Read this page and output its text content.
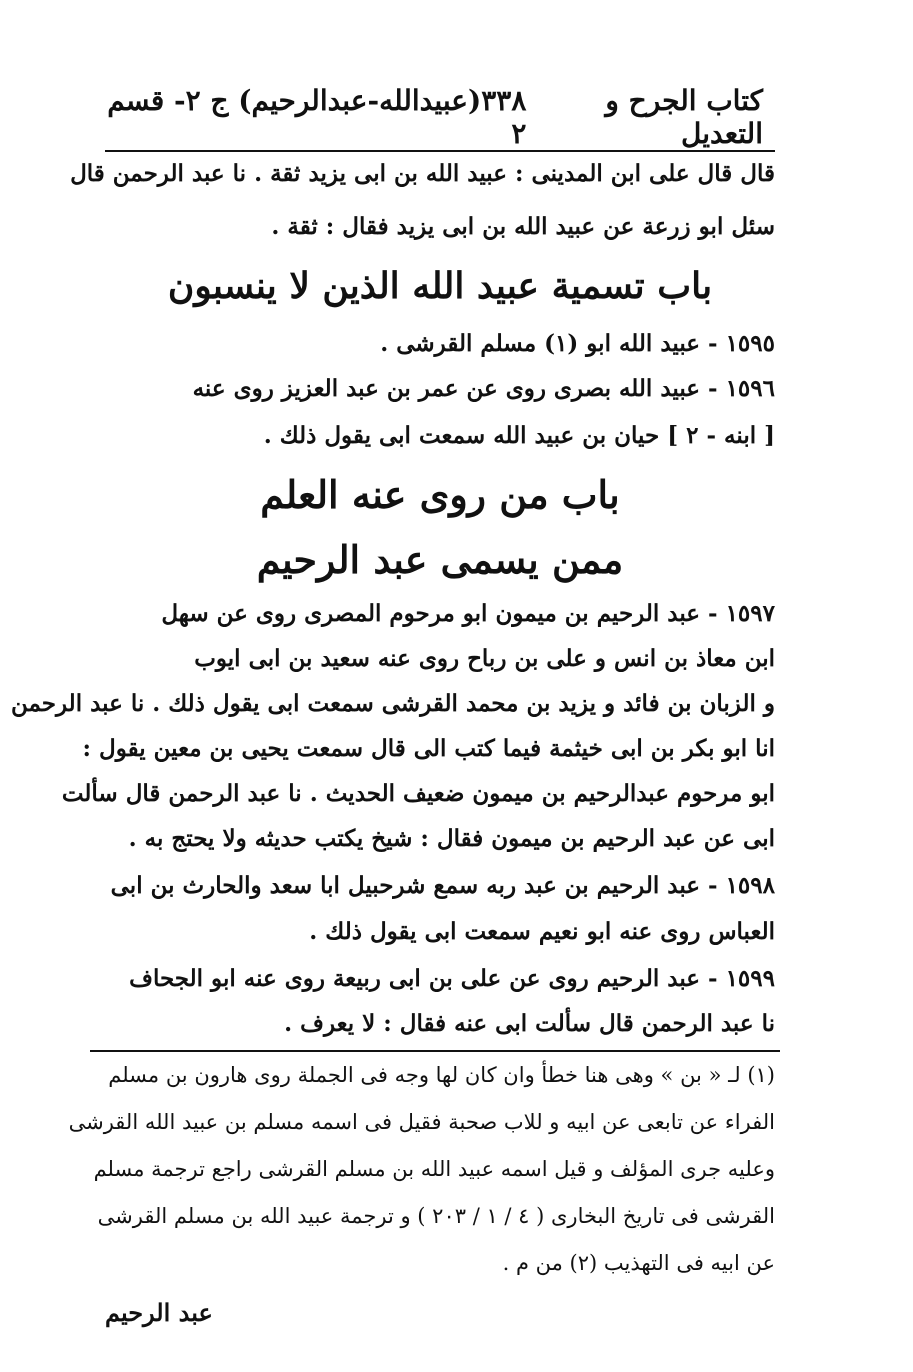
٣٣٨(عبيدالله-عبدالرحيم) ج ٢- قسم ٢
كتاب الجرح و التعديل
قال قال على ابن المدينى : عبيد الله بن ابى يزيد ثقة . نا عبد الرحمن قال
سئل ابو زرعة عن عبيد الله بن ابى يزيد فقال : ثقة .
باب تسمية عبيد الله الذين لا ينسبون
١٥٩٥ - عبيد الله ابو (١) مسلم القرشى .
١٥٩٦ - عبيد الله بصرى روى عن عمر بن عبد العزيز روى عنه
[ ابنه - ٢ ] حيان بن عبيد الله سمعت ابى يقول ذلك .
باب من روى عنه العلم
ممن يسمى عبد الرحيم
١٥٩٧ - عبد الرحيم بن ميمون ابو مرحوم المصرى روى عن سهل
ابن معاذ بن انس و على بن رباح روى عنه سعيد بن ابى ايوب
و الزبان بن فائد و يزيد بن محمد القرشى سمعت ابى يقول ذلك . نا عبد الرحمن
انا ابو بكر بن ابى خيثمة فيما كتب الى قال سمعت يحيى بن معين يقول :
ابو مرحوم عبدالرحيم بن ميمون ضعيف الحديث . نا عبد الرحمن قال سألت
ابى عن عبد الرحيم بن ميمون فقال : شيخ يكتب حديثه ولا يحتج به .
١٥٩٨ - عبد الرحيم بن عبد ربه سمع شرحبيل ابا سعد والحارث بن ابى
العباس روى عنه ابو نعيم سمعت ابى يقول ذلك .
١٥٩٩ - عبد الرحيم روى عن على بن ابى ربيعة روى عنه ابو الجحاف
نا عبد الرحمن قال سألت ابى عنه فقال : لا يعرف .
(١) لـ « بن » وهى هنا خطأ وان كان لها وجه فى الجملة روى هارون بن مسلم
الفراء عن تابعى عن ابيه و للاب صحبة فقيل فى اسمه مسلم بن عبيد الله القرشى
وعليه جرى المؤلف و قيل اسمه عبيد الله بن مسلم القرشى راجع ترجمة مسلم
القرشى فى تاريخ البخارى ( ٤ / ١ / ٢٠٣ ) و ترجمة عبيد الله بن مسلم القرشى
عن ابيه فى التهذيب (٢) من م .
عبد الرحيم
